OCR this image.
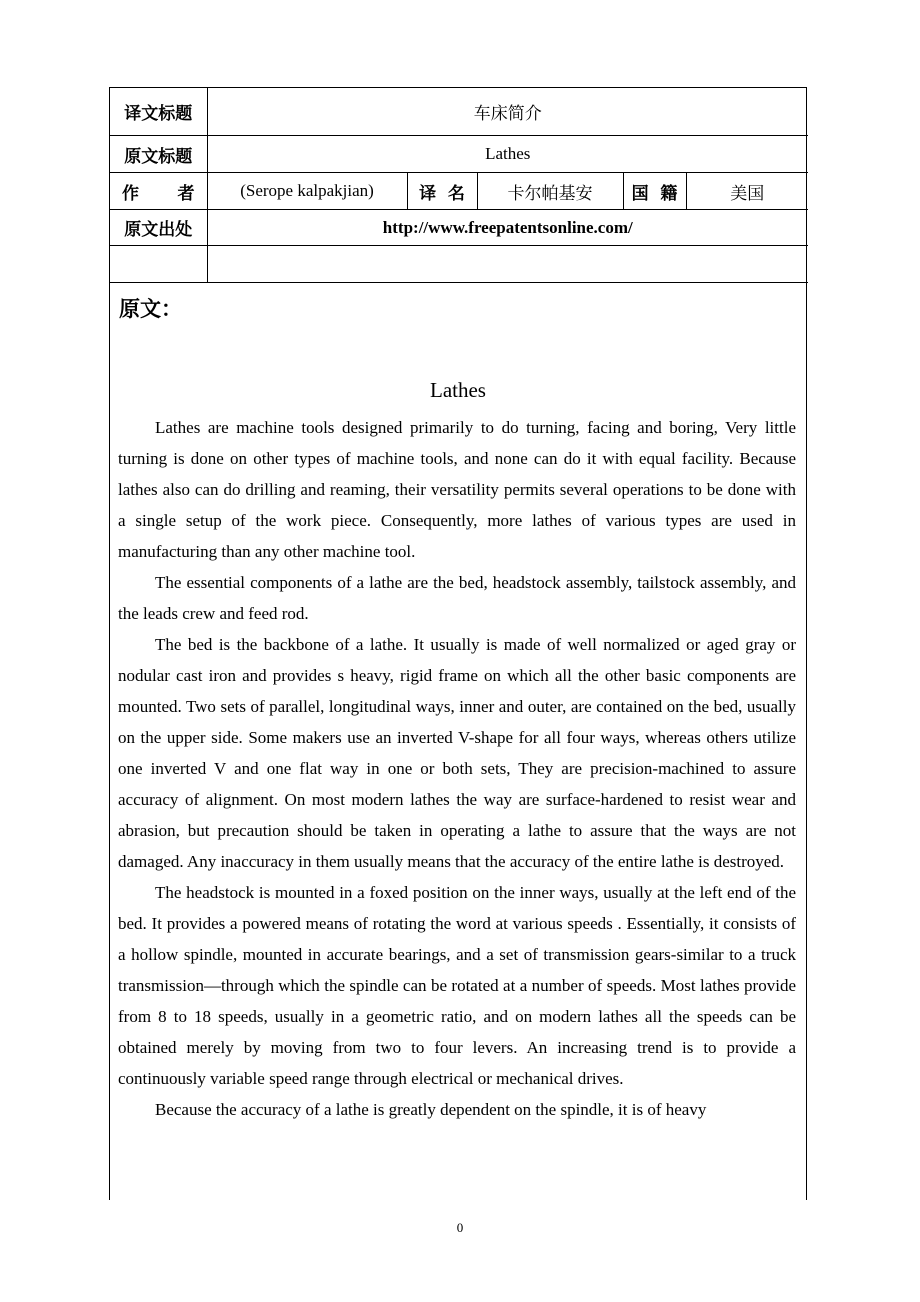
译文标题	车床简介				
原文标题	Lathes				

作 者	(Serope kalpakjian)	译  名	卡尔帕基安	国  籍	美国
原文出处	http://www.freepatentsonline.com/				

原文：
Lathes

Lathes are machine tools designed primarily to do turning, facing and boring, Very little turning is done on other types of machine tools, and none can do it with equal facility. Because lathes also can do drilling and reaming, their versatility permits several operations to be done with a single setup of the work piece. Consequently, more lathes of various types are used in manufacturing than any other machine tool.

The essential components of a lathe are the bed, headstock assembly, tailstock assembly, and the leads crew and feed rod.

The bed is the backbone of a lathe. It usually is made of well normalized or aged gray or nodular cast iron and provides s heavy, rigid frame on which all the other basic components are mounted. Two sets of parallel, longitudinal ways, inner and outer, are contained on the bed, usually on the upper side. Some makers use an inverted V-shape for all four ways, whereas others utilize one inverted V and one flat way in one or both sets, They are precision-machined to assure accuracy of alignment. On most modern lathes the way are surface-hardened to resist wear and abrasion, but precaution should be taken in operating a lathe to assure that the ways are not damaged. Any inaccuracy in them usually means that the accuracy of the entire lathe is destroyed.

The headstock is mounted in a foxed position on the inner ways, usually at the left end of the bed. It provides a powered means of rotating the word at various speeds . Essentially, it consists of a hollow spindle, mounted in accurate bearings, and a set of transmission gears-similar to a truck transmission—through which the spindle can be rotated at a number of speeds. Most lathes provide from 8 to 18 speeds, usually in a geometric ratio, and on modern lathes all the speeds can be obtained merely by moving from two to four levers. An increasing trend is to provide a continuously variable speed range through electrical or mechanical drives.

Because the accuracy of a lathe is greatly dependent on the spindle, it is of heavy

0
